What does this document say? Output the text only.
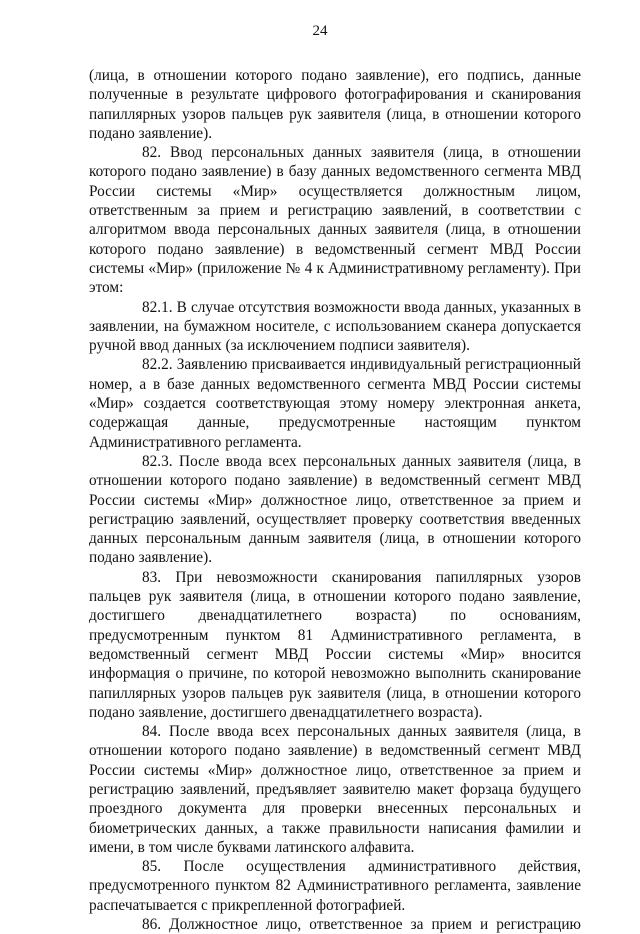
24

(лица, в отношении которого подано заявление), его подпись, данные полученные в результате цифрового фотографирования и сканирования папиллярных узоров пальцев рук заявителя (лица, в отношении которого подано заявление).

82. Ввод персональных данных заявителя (лица, в отношении которого подано заявление) в базу данных ведомственного сегмента МВД России системы «Мир» осуществляется должностным лицом, ответственным за прием и регистрацию заявлений, в соответствии с алгоритмом ввода персональных данных заявителя (лица, в отношении которого подано заявление) в ведомственный сегмент МВД России системы «Мир» (приложение № 4 к Административному регламенту). При этом:

82.1. В случае отсутствия возможности ввода данных, указанных в заявлении, на бумажном носителе, с использованием сканера допускается ручной ввод данных (за исключением подписи заявителя).

82.2. Заявлению присваивается индивидуальный регистрационный номер, а в базе данных ведомственного сегмента МВД России системы «Мир» создается соответствующая этому номеру электронная анкета, содержащая данные, предусмотренные настоящим пунктом Административного регламента.

82.3. После ввода всех персональных данных заявителя (лица, в отношении которого подано заявление) в ведомственный сегмент МВД России системы «Мир» должностное лицо, ответственное за прием и регистрацию заявлений, осуществляет проверку соответствия введенных данных персональным данным заявителя (лица, в отношении которого подано заявление).

83. При невозможности сканирования папиллярных узоров пальцев рук заявителя (лица, в отношении которого подано заявление, достигшего двенадцатилетнего возраста) по основаниям, предусмотренным пунктом 81 Административного регламента, в ведомственный сегмент МВД России системы «Мир» вносится информация о причине, по которой невозможно выполнить сканирование папиллярных узоров пальцев рук заявителя (лица, в отношении которого подано заявление, достигшего двенадцатилетнего возраста).

84. После ввода всех персональных данных заявителя (лица, в отношении которого подано заявление) в ведомственный сегмент МВД России системы «Мир» должностное лицо, ответственное за прием и регистрацию заявлений, предъявляет заявителю макет форзаца будущего проездного документа для проверки внесенных персональных и биометрических данных, а также правильности написания фамилии и имени, в том числе буквами латинского алфавита.

85. После осуществления административного действия, предусмотренного пунктом 82 Административного регламента, заявление распечатывается с прикрепленной фотографией.

86. Должностное лицо, ответственное за прием и регистрацию
